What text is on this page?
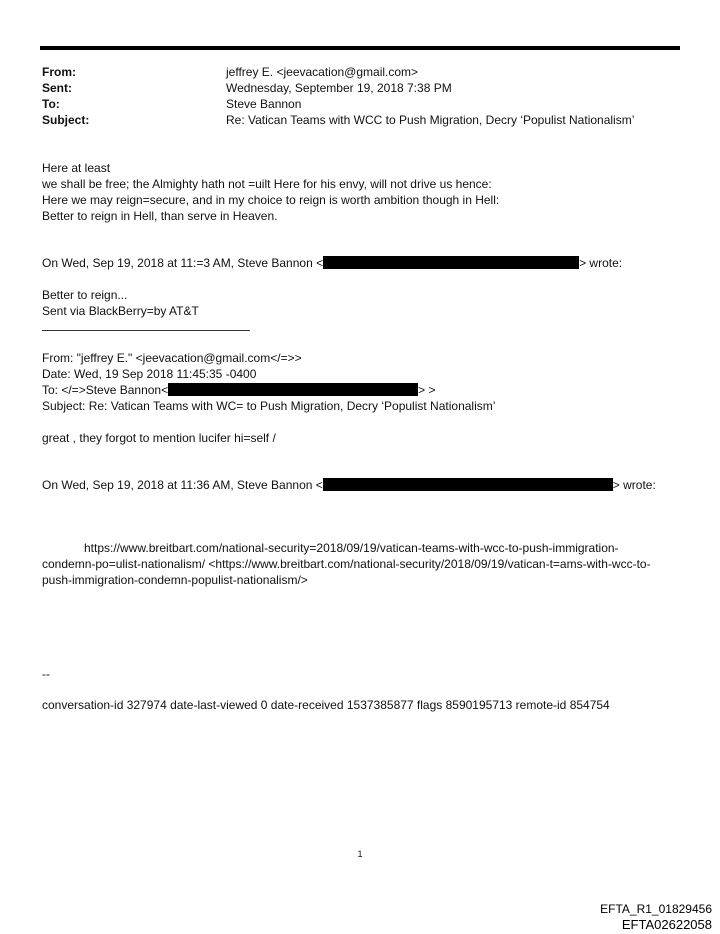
From:	jeffrey E. <jeevacation@gmail.com>
Sent:	Wednesday, September 19, 2018 7:38 PM
To:	Steve Bannon
Subject:	Re: Vatican Teams with WCC to Push Migration, Decry ‘Populist Nationalism’
Here at least
we shall be free; the Almighty hath not =uilt Here for his envy, will not drive us hence:
Here we may reign=secure, and in my choice to reign is worth ambition though in Hell:
Better to reign in Hell, than serve in Heaven.
On Wed, Sep 19, 2018 at 11:=3 AM, Steve Bannon <	> wrote:
Better to reign...
Sent via BlackBerry=by AT&T
From: "jeffrey E." <jeevacation@gmail.com</=>>
Date: Wed, 19 Sep 2018 11:45:35 -0400
To: </=>Steve Bannon<	> >
Subject: Re: Vatican Teams with WC= to Push Migration, Decry ‘Populist Nationalism’
great , they forgot to mention lucifer hi=self /
On Wed, Sep 19, 2018 at 11:36 AM, Steve Bannon <	> wrote:
https://www.breitbart.com/national-security=2018/09/19/vatican-teams-with-wcc-to-push-immigration-
condemn-po=ulist-nationalism/ <https://www.breitbart.com/national-security/2018/09/19/vatican-t=ams-with-wcc-to-
push-immigration-condemn-populist-nationalism/>
--
conversation-id 327974 date-last-viewed 0 date-received 1537385877 flags 8590195713 remote-id 854754
1
EFTA_R1_01829456
EFTA02622058
